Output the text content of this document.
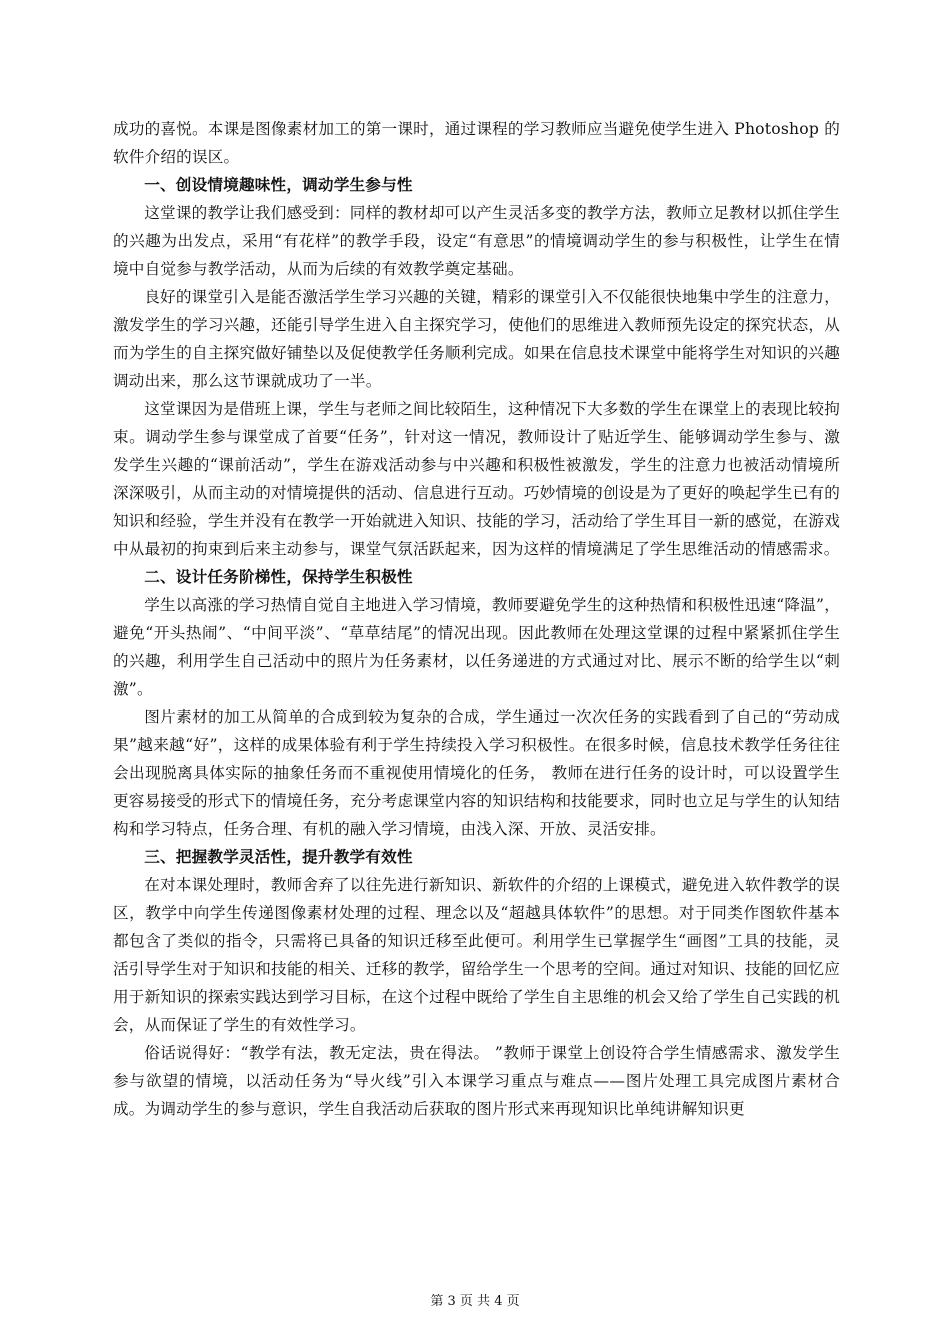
成功的喜悦。本课是图像素材加工的第一课时，通过课程的学习教师应当避免使学生进入 Photoshop 的软件介绍的误区。

一、创设情境趣味性，调动学生参与性

这堂课的教学让我们感受到：同样的教材却可以产生灵活多变的教学方法，教师立足教材以抓住学生的兴趣为出发点，采用“有花样”的教学手段，设定“有意思”的情境调动学生的参与积极性，让学生在情境中自觉参与教学活动，从而为后续的有效教学奠定基础。

良好的课堂引入是能否激活学生学习兴趣的关键，精彩的课堂引入不仅能很快地集中学生的注意力，激发学生的学习兴趣，还能引导学生进入自主探究学习，使他们的思维进入教师预先设定的探究状态，从而为学生的自主探究做好铺垫以及促使教学任务顺利完成。如果在信息技术课堂中能将学生对知识的兴趣调动出来，那么这节课就成功了一半。

这堂课因为是借班上课，学生与老师之间比较陌生，这种情况下大多数的学生在课堂上的表现比较拘束。调动学生参与课堂成了首要“任务”，针对这一情况，教师设计了贴近学生、能够调动学生参与、激发学生兴趣的“课前活动”，学生在游戏活动参与中兴趣和积极性被激发，学生的注意力也被活动情境所深深吸引，从而主动的对情境提供的活动、信息进行互动。巧妙情境的创设是为了更好的唤起学生已有的知识和经验，学生并没有在教学一开始就进入知识、技能的学习，活动给了学生耳目一新的感觉，在游戏中从最初的拘束到后来主动参与，课堂气氛活跃起来，因为这样的情境满足了学生思维活动的情感需求。

二、设计任务阶梯性，保持学生积极性

学生以高涨的学习热情自觉自主地进入学习情境，教师要避免学生的这种热情和积极性迅速“降温”，避免“开头热闹”、“中间平淡”、“草草结尾”的情况出现。因此教师在处理这堂课的过程中紧紧抓住学生的兴趣，利用学生自己活动中的照片为任务素材，以任务递进的方式通过对比、展示不断的给学生以“刺激”。

图片素材的加工从简单的合成到较为复杂的合成，学生通过一次次任务的实践看到了自己的“劳动成果”越来越“好”，这样的成果体验有利于学生持续投入学习积极性。在很多时候，信息技术教学任务往往会出现脱离具体实际的抽象任务而不重视使用情境化的任务， 教师在进行任务的设计时，可以设置学生更容易接受的形式下的情境任务，充分考虑课堂内容的知识结构和技能要求，同时也立足与学生的认知结构和学习特点，任务合理、有机的融入学习情境，由浅入深、开放、灵活安排。

三、把握教学灵活性，提升教学有效性

在对本课处理时，教师舍弃了以往先进行新知识、新软件的介绍的上课模式，避免进入软件教学的误区，教学中向学生传递图像素材处理的过程、理念以及“超越具体软件”的思想。对于同类作图软件基本都包含了类似的指令，只需将已具备的知识迁移至此便可。利用学生已掌握学生“画图”工具的技能，灵活引导学生对于知识和技能的相关、迁移的教学，留给学生一个思考的空间。通过对知识、技能的回忆应用于新知识的探索实践达到学习目标，在这个过程中既给了学生自主思维的机会又给了学生自己实践的机会，从而保证了学生的有效性学习。

俗话说得好：“教学有法，教无定法，贵在得法。 ”教师于课堂上创设符合学生情感需求、激发学生参与欲望的情境，以活动任务为“导火线”引入本课学习重点与难点——图片处理工具完成图片素材合成。为调动学生的参与意识，学生自我活动后获取的图片形式来再现知识比单纯讲解知识更

第 3 页 共 4 页
